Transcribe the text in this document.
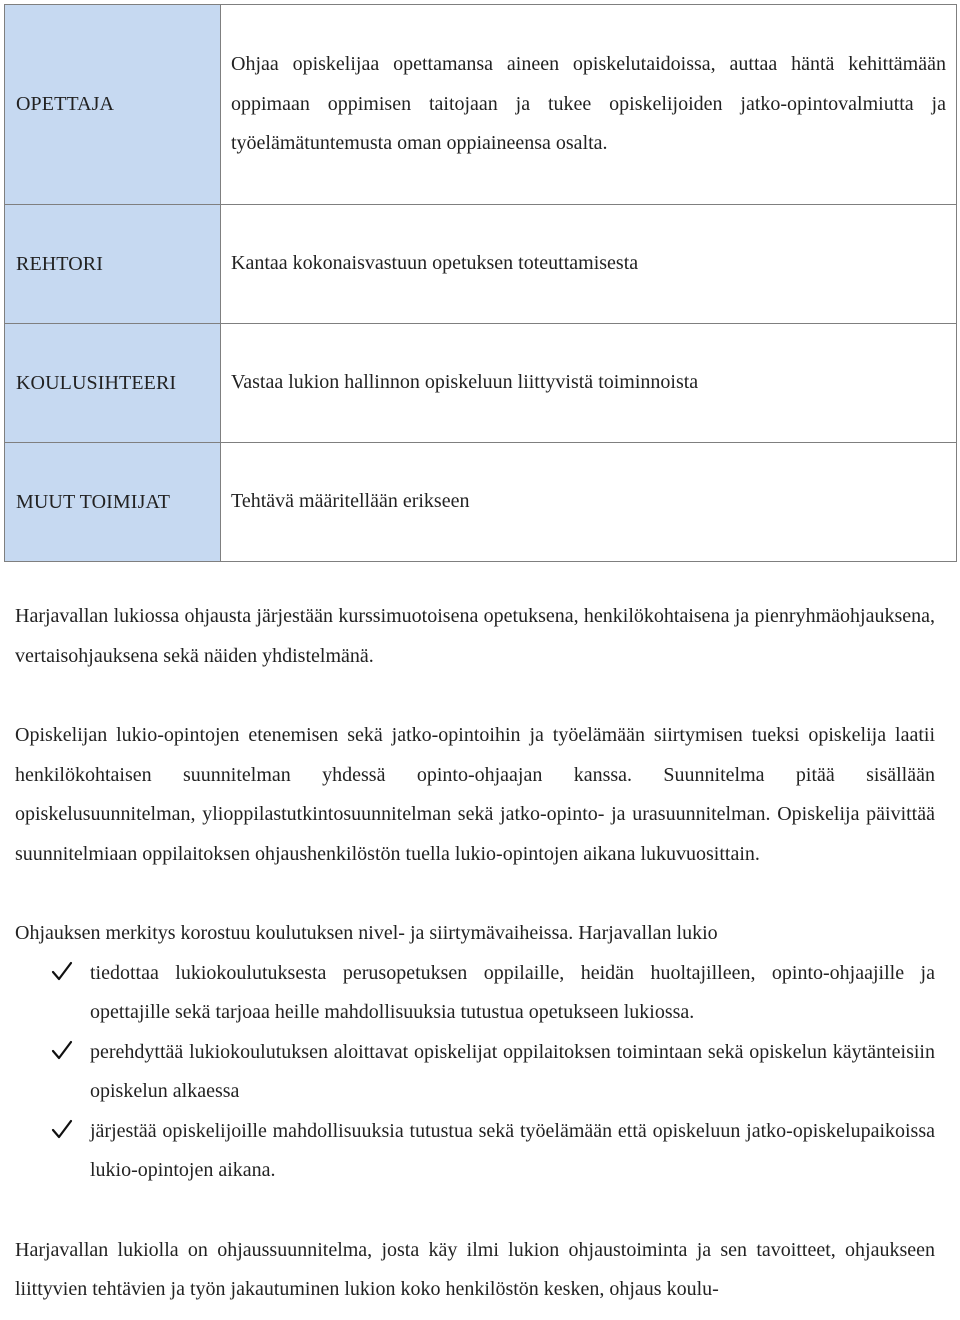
OPETTAJA	Ohjaa opiskelijaa opettamansa aineen opiskelutaidoissa, auttaa häntä kehittämään oppimaan oppimisen taitojaan ja tukee opiskelijoiden jatko-opintovalmiutta ja työelämätuntemusta oman oppiaineensa osalta.
REHTORI	Kantaa kokonaisvastuun opetuksen toteuttamisesta
KOULUSIHTEERI	Vastaa lukion hallinnon opiskeluun liittyvistä toiminnoista
MUUT TOIMIJAT	Tehtävä määritellään erikseen

Harjavallan lukiossa ohjausta järjestään kurssimuotoisena opetuksena, henkilökohtaisena ja pienryhmäohjauksena, vertaisohjauksena sekä näiden yhdistelmänä.

Opiskelijan lukio-opintojen etenemisen sekä jatko-opintoihin ja työelämään siirtymisen tueksi opiskelija laatii henkilökohtaisen suunnitelman yhdessä opinto-ohjaajan kanssa. Suunnitelma pitää sisällään opiskelusuunnitelman, ylioppilastutkintosuunnitelman sekä jatko-opinto- ja urasuunnitelman. Opiskelija päivittää suunnitelmiaan oppilaitoksen ohjaushenkilöstön tuella lukio-opintojen aikana lukuvuosittain.

Ohjauksen merkitys korostuu koulutuksen nivel- ja siirtymävaiheissa. Harjavallan lukio

tiedottaa lukiokoulutuksesta perusopetuksen oppilaille, heidän huoltajilleen, opinto-ohjaajille ja opettajille sekä tarjoaa heille mahdollisuuksia tutustua opetukseen lukiossa.
perehdyttää lukiokoulutuksen aloittavat opiskelijat oppilaitoksen toimintaan sekä opiskelun käytänteisiin opiskelun alkaessa
järjestää opiskelijoille mahdollisuuksia tutustua sekä työelämään että opiskeluun jatko-opiskelupaikoissa lukio-opintojen aikana.

Harjavallan lukiolla on ohjaussuunnitelma, josta käy ilmi lukion ohjaustoiminta ja sen tavoitteet, ohjaukseen liittyvien tehtävien ja työn jakautuminen lukion koko henkilöstön kesken, ohjaus koulu-
